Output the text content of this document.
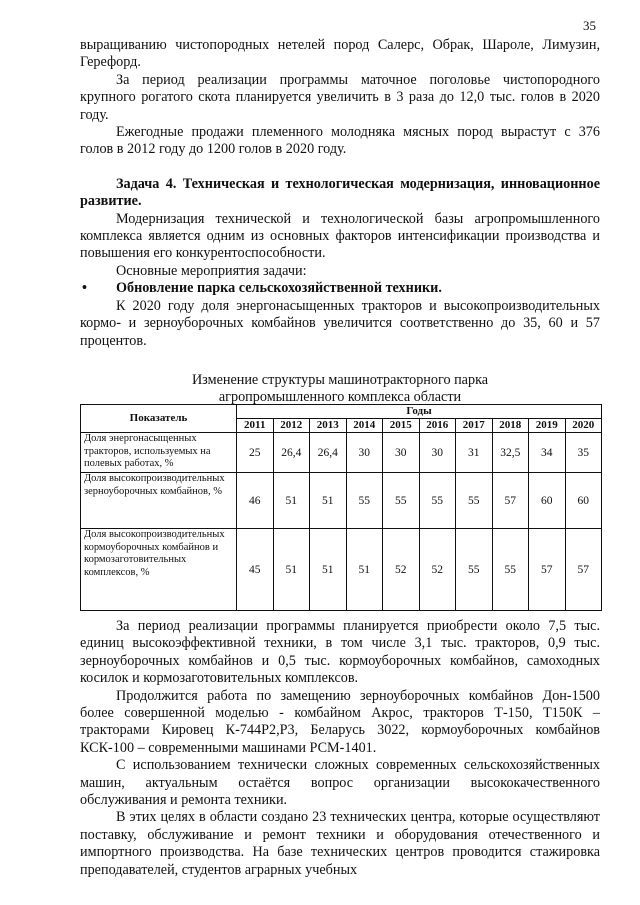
35

выращиванию чистопородных нетелей пород Салерс, Обрак, Шароле, Лимузин, Герефорд.

За период реализации программы маточное поголовье чистопородного крупного рогатого скота планируется увеличить в 3 раза до 12,0 тыс. голов в 2020 году.

Ежегодные продажи племенного молодняка мясных пород вырастут с 376 голов в 2012 году до 1200 голов в 2020 году.

Задача 4. Техническая и технологическая модернизация, инновационное развитие.

Модернизация технической и технологической базы агропромышленного комплекса является одним из основных факторов интенсификации производства и повышения его конкурентоспособности.

Основные мероприятия задачи:

• Обновление парка сельскохозяйственной техники.

К 2020 году доля энергонасыщенных тракторов и высокопроизводительных кормо- и зерноуборочных комбайнов увеличится соответственно до 35, 60 и 57 процентов.

Изменение структуры машинотракторного парка
агропромышленного комплекса области
Показатель	Годы									
	2011	2012	2013	2014	2015	2016	2017	2018	2019	2020
Доля энергонасыщенных тракторов, используемых на полевых работах, %	25	26,4	26,4	30	30	30	31	32,5	34	35
Доля высокопроизводительных зерноуборочных комбайнов, %	46	51	51	55	55	55	55	57	60	60
Доля высокопроизводительных кормоуборочных комбайнов и кормозаготовительных комплексов, %	45	51	51	51	52	52	55	55	57	57

За период реализации программы планируется приобрести около 7,5 тыс. единиц высокоэффективной техники, в том числе 3,1 тыс. тракторов, 0,9 тыс. зерноуборочных комбайнов и 0,5 тыс. кормоуборочных комбайнов, самоходных косилок и кормозаготовительных комплексов.

Продолжится работа по замещению зерноуборочных комбайнов Дон-1500 более совершенной моделью - комбайном Акрос, тракторов Т-150, Т150К – тракторами Кировец К-744Р2,Р3, Беларусь 3022, кормоуборочных комбайнов КСК-100 – современными машинами РСМ-1401.

С использованием технически сложных современных сельскохозяйственных машин, актуальным остаётся вопрос организации высококачественного обслуживания и ремонта техники.

В этих целях в области создано 23 технических центра, которые осуществляют поставку, обслуживание и ремонт техники и оборудования отечественного и импортного производства. На базе технических центров проводится стажировка преподавателей, студентов аграрных учебных
